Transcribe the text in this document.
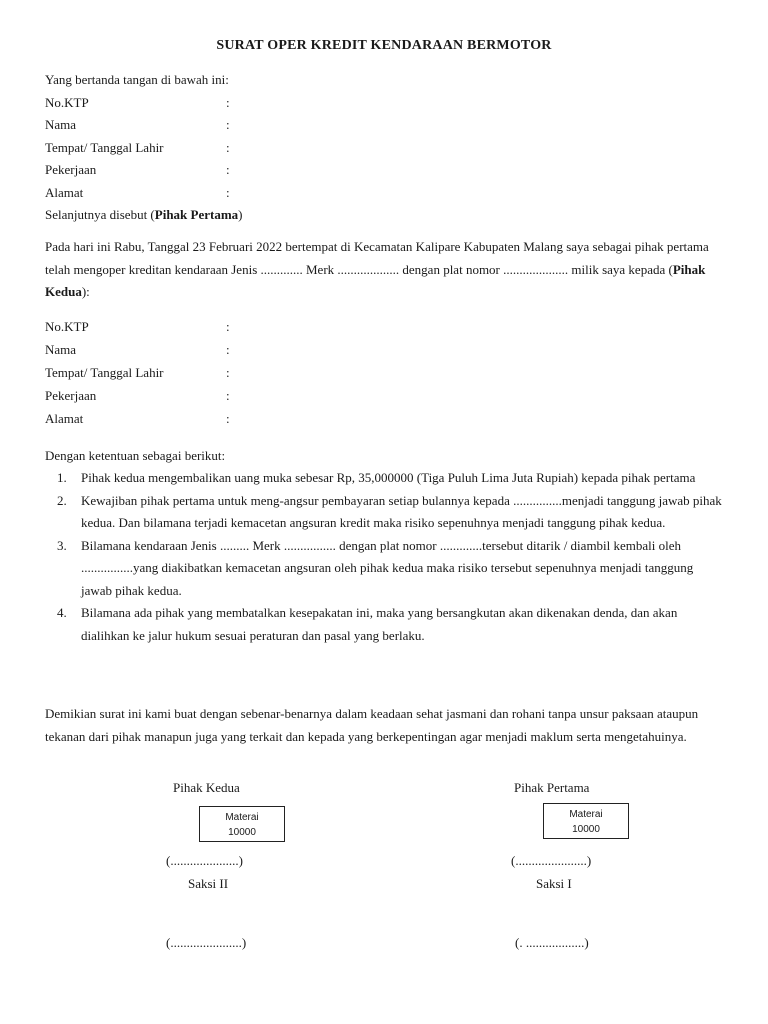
SURAT OPER KREDIT KENDARAAN BERMOTOR
Yang bertanda tangan di bawah ini:
No.KTP	:
Nama	:
Tempat/ Tanggal Lahir	:
Pekerjaan	:
Alamat	:
Selanjutnya disebut (Pihak Pertama)
Pada hari ini Rabu, Tanggal 23 Februari 2022 bertempat di Kecamatan Kalipare Kabupaten Malang saya sebagai pihak pertama telah mengoper kreditan kendaraan Jenis ............. Merk ................... dengan plat nomor .................... milik saya kepada (Pihak Kedua):
No.KTP	:
Nama	:
Tempat/ Tanggal Lahir	:
Pekerjaan	:
Alamat	:
Dengan ketentuan sebagai berikut:
1. Pihak kedua mengembalikan uang muka sebesar Rp, 35,000000 (Tiga Puluh Lima Juta Rupiah) kepada pihak pertama
2. Kewajiban pihak pertama untuk meng-angsur pembayaran setiap bulannya kepada ...............menjadi tanggung jawab pihak kedua. Dan bilamana terjadi kemacetan angsuran kredit maka risiko sepenuhnya menjadi tanggung pihak kedua.
3. Bilamana kendaraan Jenis ......... Merk ................ dengan plat nomor .............tersebut ditarik / diambil kembali oleh ................yang diakibatkan kemacetan angsuran oleh pihak kedua maka risiko tersebut sepenuhnya menjadi tanggung jawab pihak kedua.
4. Bilamana ada pihak yang membatalkan kesepakatan ini, maka yang bersangkutan akan dikenakan denda, dan akan dialihkan ke jalur hukum sesuai peraturan dan pasal yang berlaku.
Demikian surat ini kami buat dengan sebenar-benarnya dalam keadaan sehat jasmani dan rohani tanpa unsur paksaan ataupun tekanan dari pihak manapun juga yang terkait dan kepada yang berkepentingan agar menjadi maklum serta mengetahuinya.
Pihak Kedua	Pihak Pertama
Materai
10000
Materai
10000
(.....................)	(......................)
Saksi II	Saksi I
(......................)	(. ..................)
